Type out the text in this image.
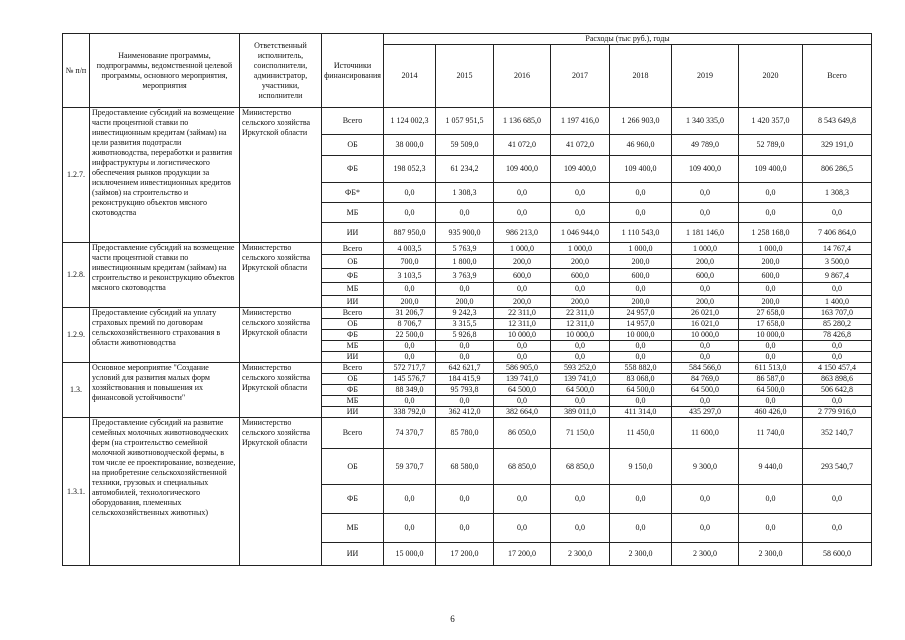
№ п/п	Наименование программы, подпрограммы, ведомственной целевой программы, основного мероприятия, мероприятия	Ответственный исполнитель, соисполнители, администратор, участники, исполнители	Источники финансирования	Расходы (тыс руб.), годы							
				2014	2015	2016	2017	2018	2019	2020	Всего
1.2.7.	Предоставление субсидий на возмещение части процентной ставки по инвестиционным кредитам (займам) на цели развития подотрасли животноводства, переработки и развития инфраструктуры и логистического обеспечения рынков продукции за исключением инвестиционных кредитов (займов) на строительство и реконструкцию объектов мясного скотоводства	Министерство сельского хозяйства Иркутской области	Всего	1 124 002,3	1 057 951,5	1 136 685,0	1 197 416,0	1 266 903,0	1 340 335,0	1 420 357,0	8 543 649,8
			ОБ	38 000,0	59 509,0	41 072,0	41 072,0	46 960,0	49 789,0	52 789,0	329 191,0
			ФБ	198 052,3	61 234,2	109 400,0	109 400,0	109 400,0	109 400,0	109 400,0	806 286,5
			ФБ*	0,0	1 308,3	0,0	0,0	0,0	0,0	0,0	1 308,3
			МБ	0,0	0,0	0,0	0,0	0,0	0,0	0,0	0,0
			ИИ	887 950,0	935 900,0	986 213,0	1 046 944,0	1 110 543,0	1 181 146,0	1 258 168,0	7 406 864,0
1.2.8.	Предоставление субсидий на возмещение части процентной ставки по инвестиционным кредитам (займам) на строительство и реконструкцию объектов мясного скотоводства	Министерство сельского хозяйства Иркутской области	Всего	4 003,5	5 763,9	1 000,0	1 000,0	1 000,0	1 000,0	1 000,0	14 767,4
			ОБ	700,0	1 800,0	200,0	200,0	200,0	200,0	200,0	3 500,0
			ФБ	3 103,5	3 763,9	600,0	600,0	600,0	600,0	600,0	9 867,4
			МБ	0,0	0,0	0,0	0,0	0,0	0,0	0,0	0,0
			ИИ	200,0	200,0	200,0	200,0	200,0	200,0	200,0	1 400,0
1.2.9.	Предоставление субсидий на уплату страховых премий по договорам сельскохозяйственного страхования в области животноводства	Министерство сельского хозяйства Иркутской области	Всего	31 206,7	9 242,3	22 311,0	22 311,0	24 957,0	26 021,0	27 658,0	163 707,0
			ОБ	8 706,7	3 315,5	12 311,0	12 311,0	14 957,0	16 021,0	17 658,0	85 280,2
			ФБ	22 500,0	5 926,8	10 000,0	10 000,0	10 000,0	10 000,0	10 000,0	78 426,8
			МБ	0,0	0,0	0,0	0,0	0,0	0,0	0,0	0,0
			ИИ	0,0	0,0	0,0	0,0	0,0	0,0	0,0	0,0
1.3.	Основное мероприятие "Создание условий для развития малых форм хозяйствования и повышения их финансовой устойчивости"	Министерство сельского хозяйства Иркутской области	Всего	572 717,7	642 621,7	586 905,0	593 252,0	558 882,0	584 566,0	611 513,0	4 150 457,4
			ОБ	145 576,7	184 415,9	139 741,0	139 741,0	83 068,0	84 769,0	86 587,0	863 898,6
			ФБ	88 349,0	95 793,8	64 500,0	64 500,0	64 500,0	64 500,0	64 500,0	506 642,8
			МБ	0,0	0,0	0,0	0,0	0,0	0,0	0,0	0,0
			ИИ	338 792,0	362 412,0	382 664,0	389 011,0	411 314,0	435 297,0	460 426,0	2 779 916,0
1.3.1.	Предоставление субсидий на развитие семейных молочных животноводческих ферм (на строительство семейной молочной животноводческой фермы, в том числе ее проектирование, возведение, на приобретение сельскохозяйственной техники, грузовых и специальных автомобилей, технологического оборудования, племенных сельскохозяйственных животных)	Министерство сельского хозяйства Иркутской области	Всего	74 370,7	85 780,0	86 050,0	71 150,0	11 450,0	11 600,0	11 740,0	352 140,7
			ОБ	59 370,7	68 580,0	68 850,0	68 850,0	9 150,0	9 300,0	9 440,0	293 540,7
			ФБ	0,0	0,0	0,0	0,0	0,0	0,0	0,0	0,0
			МБ	0,0	0,0	0,0	0,0	0,0	0,0	0,0	0,0
			ИИ	15 000,0	17 200,0	17 200,0	2 300,0	2 300,0	2 300,0	2 300,0	58 600,0
6
